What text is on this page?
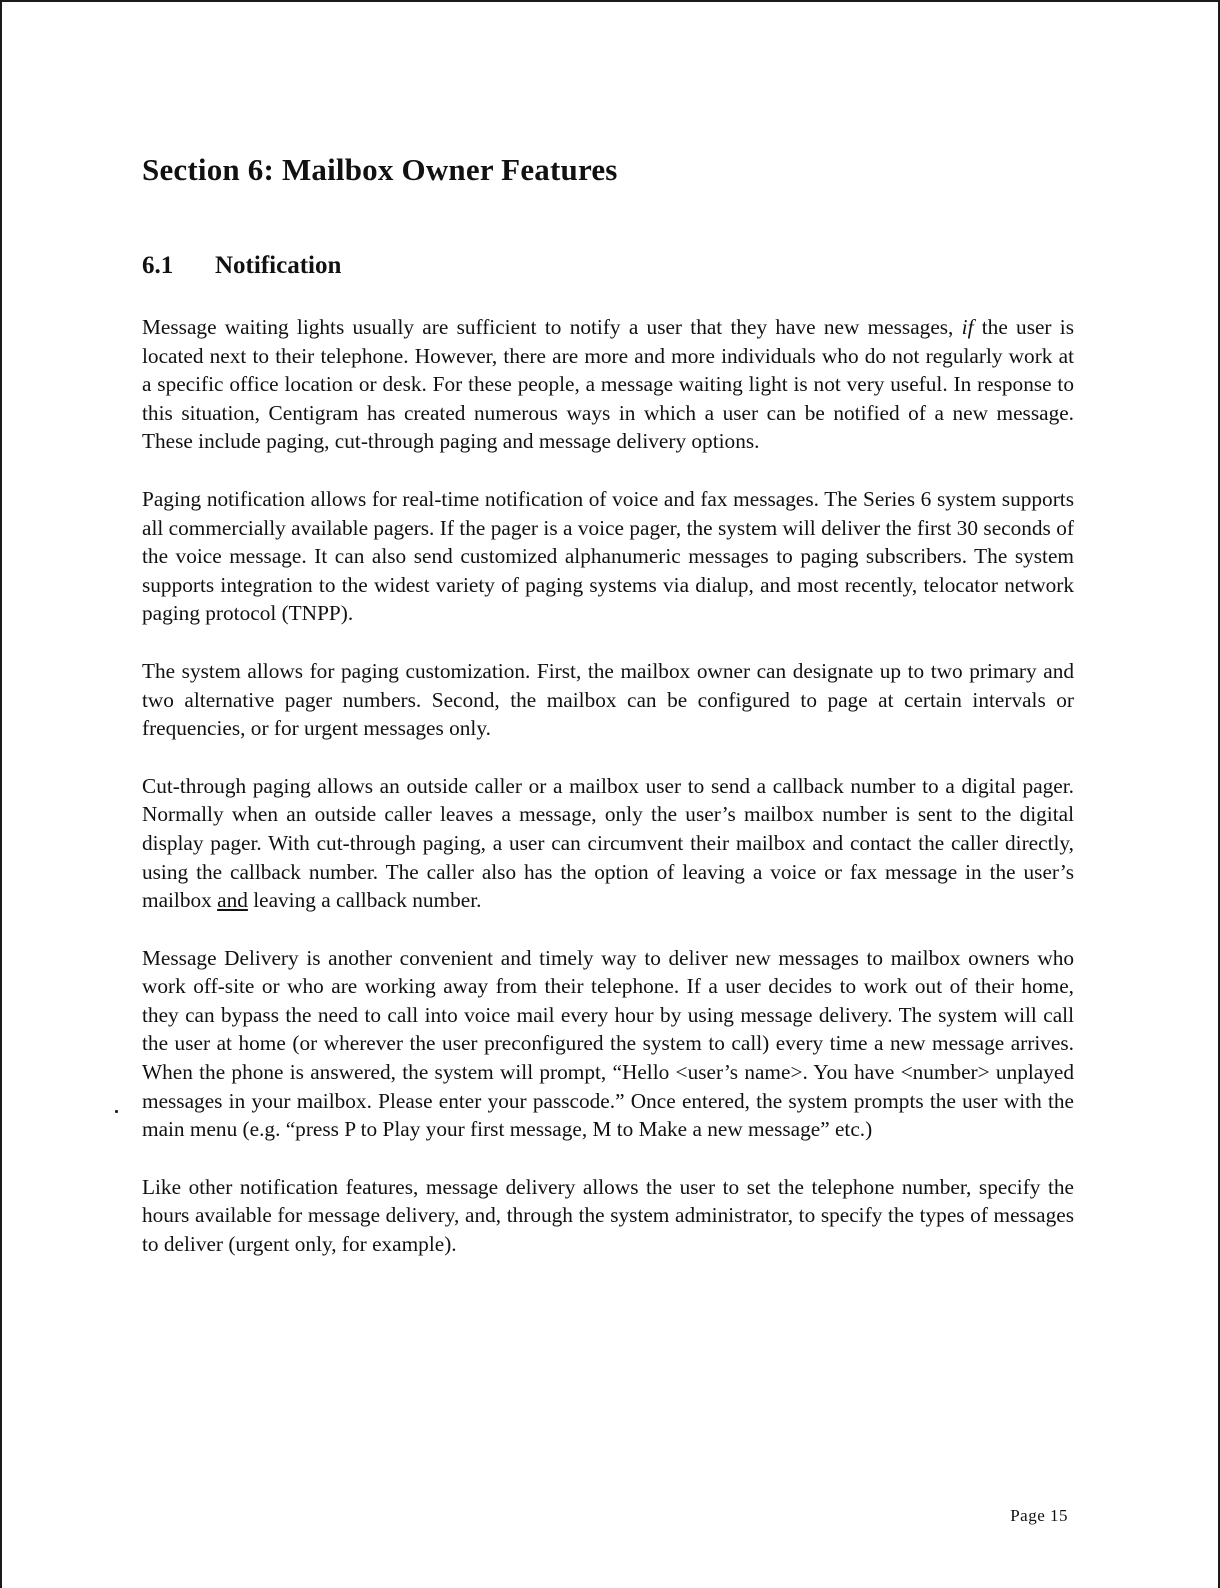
Section 6: Mailbox Owner Features
6.1 Notification

Message waiting lights usually are sufficient to notify a user that they have new messages, if the user is located next to their telephone. However, there are more and more individuals who do not regularly work at a specific office location or desk. For these people, a message waiting light is not very useful. In response to this situation, Centigram has created numerous ways in which a user can be notified of a new message. These include paging, cut-through paging and message delivery options.

Paging notification allows for real-time notification of voice and fax messages. The Series 6 system supports all commercially available pagers. If the pager is a voice pager, the system will deliver the first 30 seconds of the voice message. It can also send customized alphanumeric messages to paging subscribers. The system supports integration to the widest variety of paging systems via dialup, and most recently, telocator network paging protocol (TNPP).

The system allows for paging customization. First, the mailbox owner can designate up to two primary and two alternative pager numbers. Second, the mailbox can be configured to page at certain intervals or frequencies, or for urgent messages only.

Cut-through paging allows an outside caller or a mailbox user to send a callback number to a digital pager. Normally when an outside caller leaves a message, only the user’s mailbox number is sent to the digital display pager. With cut-through paging, a user can circumvent their mailbox and contact the caller directly, using the callback number. The caller also has the option of leaving a voice or fax message in the user’s mailbox and leaving a callback number.

Message Delivery is another convenient and timely way to deliver new messages to mailbox owners who work off-site or who are working away from their telephone. If a user decides to work out of their home, they can bypass the need to call into voice mail every hour by using message delivery. The system will call the user at home (or wherever the user preconfigured the system to call) every time a new message arrives. When the phone is answered, the system will prompt, “Hello <user’s name>. You have <number> unplayed messages in your mailbox. Please enter your passcode.” Once entered, the system prompts the user with the main menu (e.g. “press P to Play your first message, M to Make a new message” etc.)

Like other notification features, message delivery allows the user to set the telephone number, specify the hours available for message delivery, and, through the system administrator, to specify the types of messages to deliver (urgent only, for example).

Page 15
